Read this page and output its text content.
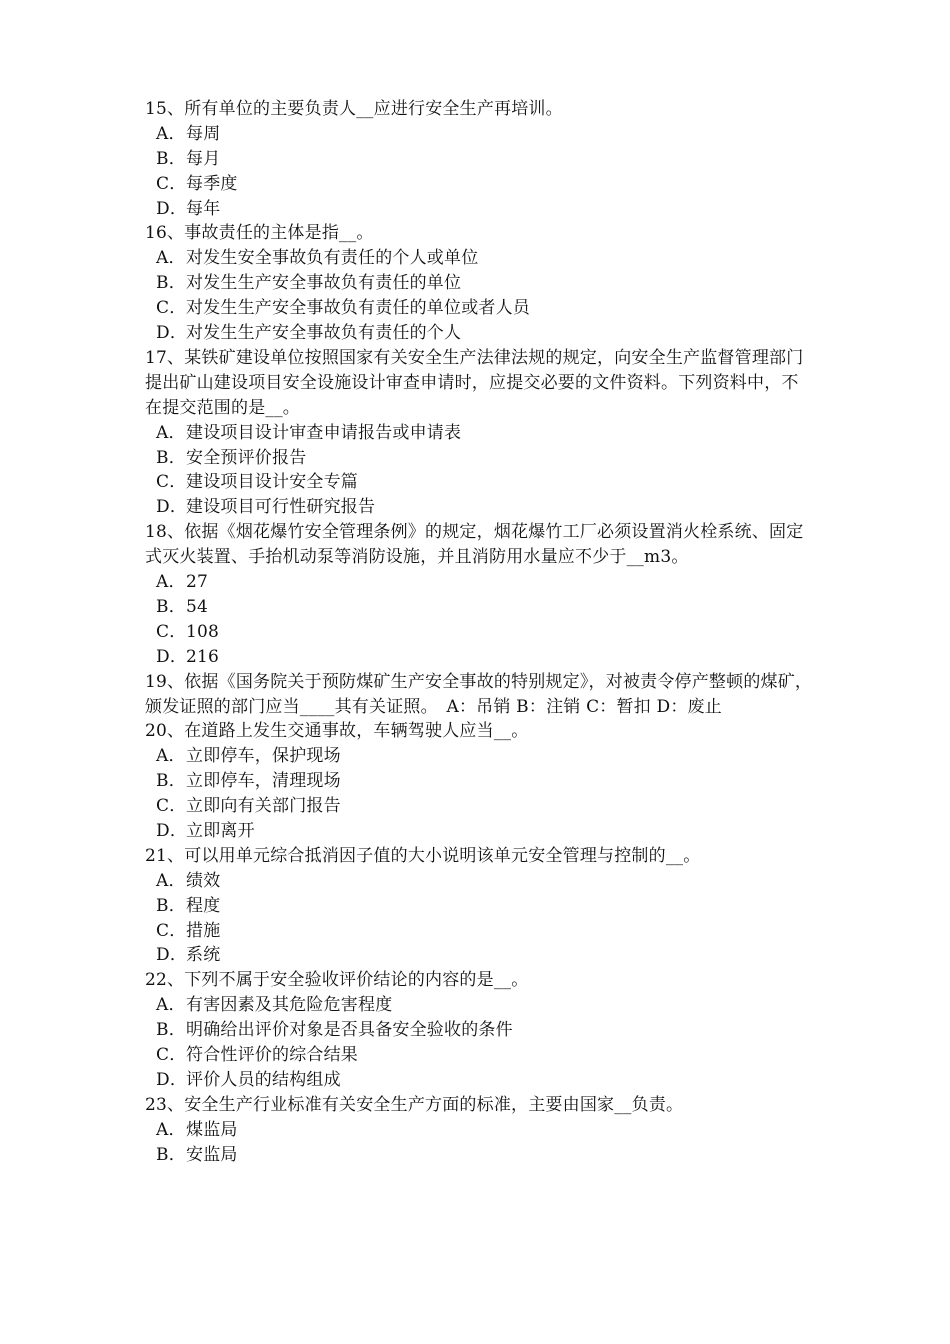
15、所有单位的主要负责人__应进行安全生产再培训。
A．每周
B．每月
C．每季度
D．每年
16、事故责任的主体是指__。
A．对发生安全事故负有责任的个人或单位
B．对发生生产安全事故负有责任的单位
C．对发生生产安全事故负有责任的单位或者人员
D．对发生生产安全事故负有责任的个人
17、某铁矿建设单位按照国家有关安全生产法律法规的规定，向安全生产监督管理部门提出矿山建设项目安全设施设计审查申请时，应提交必要的文件资料。下列资料中，不在提交范围的是__。
A．建设项目设计审查申请报告或申请表
B．安全预评价报告
C．建设项目设计安全专篇
D．建设项目可行性研究报告
18、依据《烟花爆竹安全管理条例》的规定，烟花爆竹工厂必须设置消火栓系统、固定式灭火装置、手抬机动泵等消防设施，并且消防用水量应不少于__m3。
A．27
B．54
C．108
D．216
19、依据《国务院关于预防煤矿生产安全事故的特别规定》，对被责令停产整顿的煤矿，颁发证照的部门应当____其有关证照。　A：吊销 B：注销 C：暂扣 D：废止
20、在道路上发生交通事故，车辆驾驶人应当__。
A．立即停车，保护现场
B．立即停车，清理现场
C．立即向有关部门报告
D．立即离开
21、可以用单元综合抵消因子值的大小说明该单元安全管理与控制的__。
A．绩效
B．程度
C．措施
D．系统
22、下列不属于安全验收评价结论的内容的是__。
A．有害因素及其危险危害程度
B．明确给出评价对象是否具备安全验收的条件
C．符合性评价的综合结果
D．评价人员的结构组成
23、安全生产行业标准有关安全生产方面的标准，主要由国家__负责。
A．煤监局
B．安监局
